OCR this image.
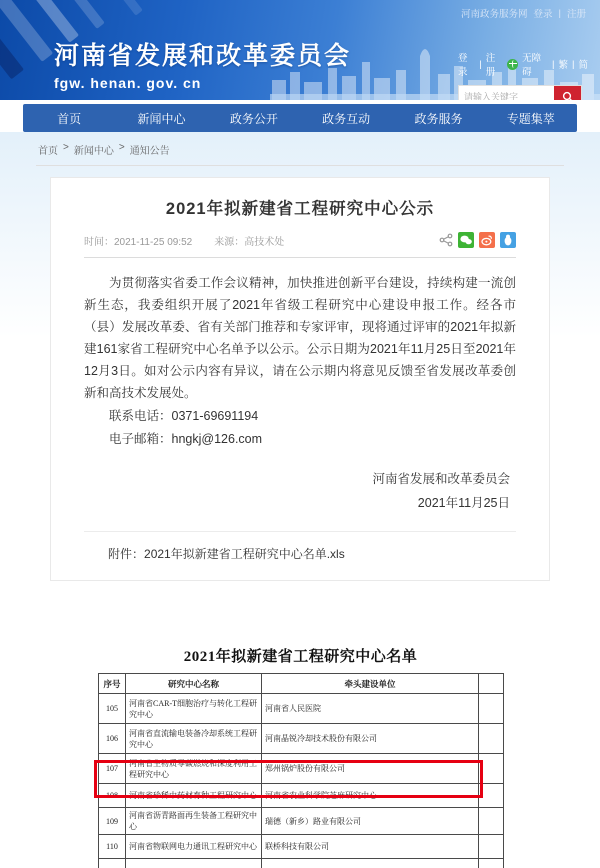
河南政务服务网 登录 | 注册
河南省发展和改革委员会
fgw. henan. gov. cn
登录
| 注册
无障碍
| 繁 | 简
请输入关键字
首页	新闻中心	政务公开	政务互动	政务服务	专题集萃
首页 > 新闻中心 > 通知公告
2021年拟新建省工程研究中心公示
时间：2021-11-25 09:52 来源：高技术处

为贯彻落实省委工作会议精神，加快推进创新平台建设，持续构建一流创新生态，我委组织开展了2021年省级工程研究中心建设申报工作。经各市（县）发展改革委、省有关部门推荐和专家评审，现将通过评审的2021年拟新建161家省工程研究中心名单予以公示。公示日期为2021年11月25日至2021年12月3日。如对公示内容有异议，请在公示期内将意见反馈至省发展改革委创新和高技术发展处。

联系电话：0371-69691194
电子邮箱：hngkj@126.com
河南省发展和改革委员会
2021年11月25日
附件：2021年拟新建省工程研究中心名单.xls
2021年拟新建省工程研究中心名单
序号	研究中心名称	牵头建设单位	
105	河南省CAR-T细胞治疗与转化工程研究中心	河南省人民医院	
106	河南省直流输电装备冷却系统工程研究中心	河南晶锐冷却技术股份有限公司	
107	河南省生物质零碳燃烧和深度利用工程研究中心	郑州锅炉股份有限公司	
108	河南省珍稀中药材育种工程研究中心	河南省农业科学院芝麻研究中心	
109	河南省沥青路面再生装备工程研究中心	瑞德（新乡）路业有限公司	
110	河南省物联网电力通讯工程研究中心	联桥科技有限公司	
